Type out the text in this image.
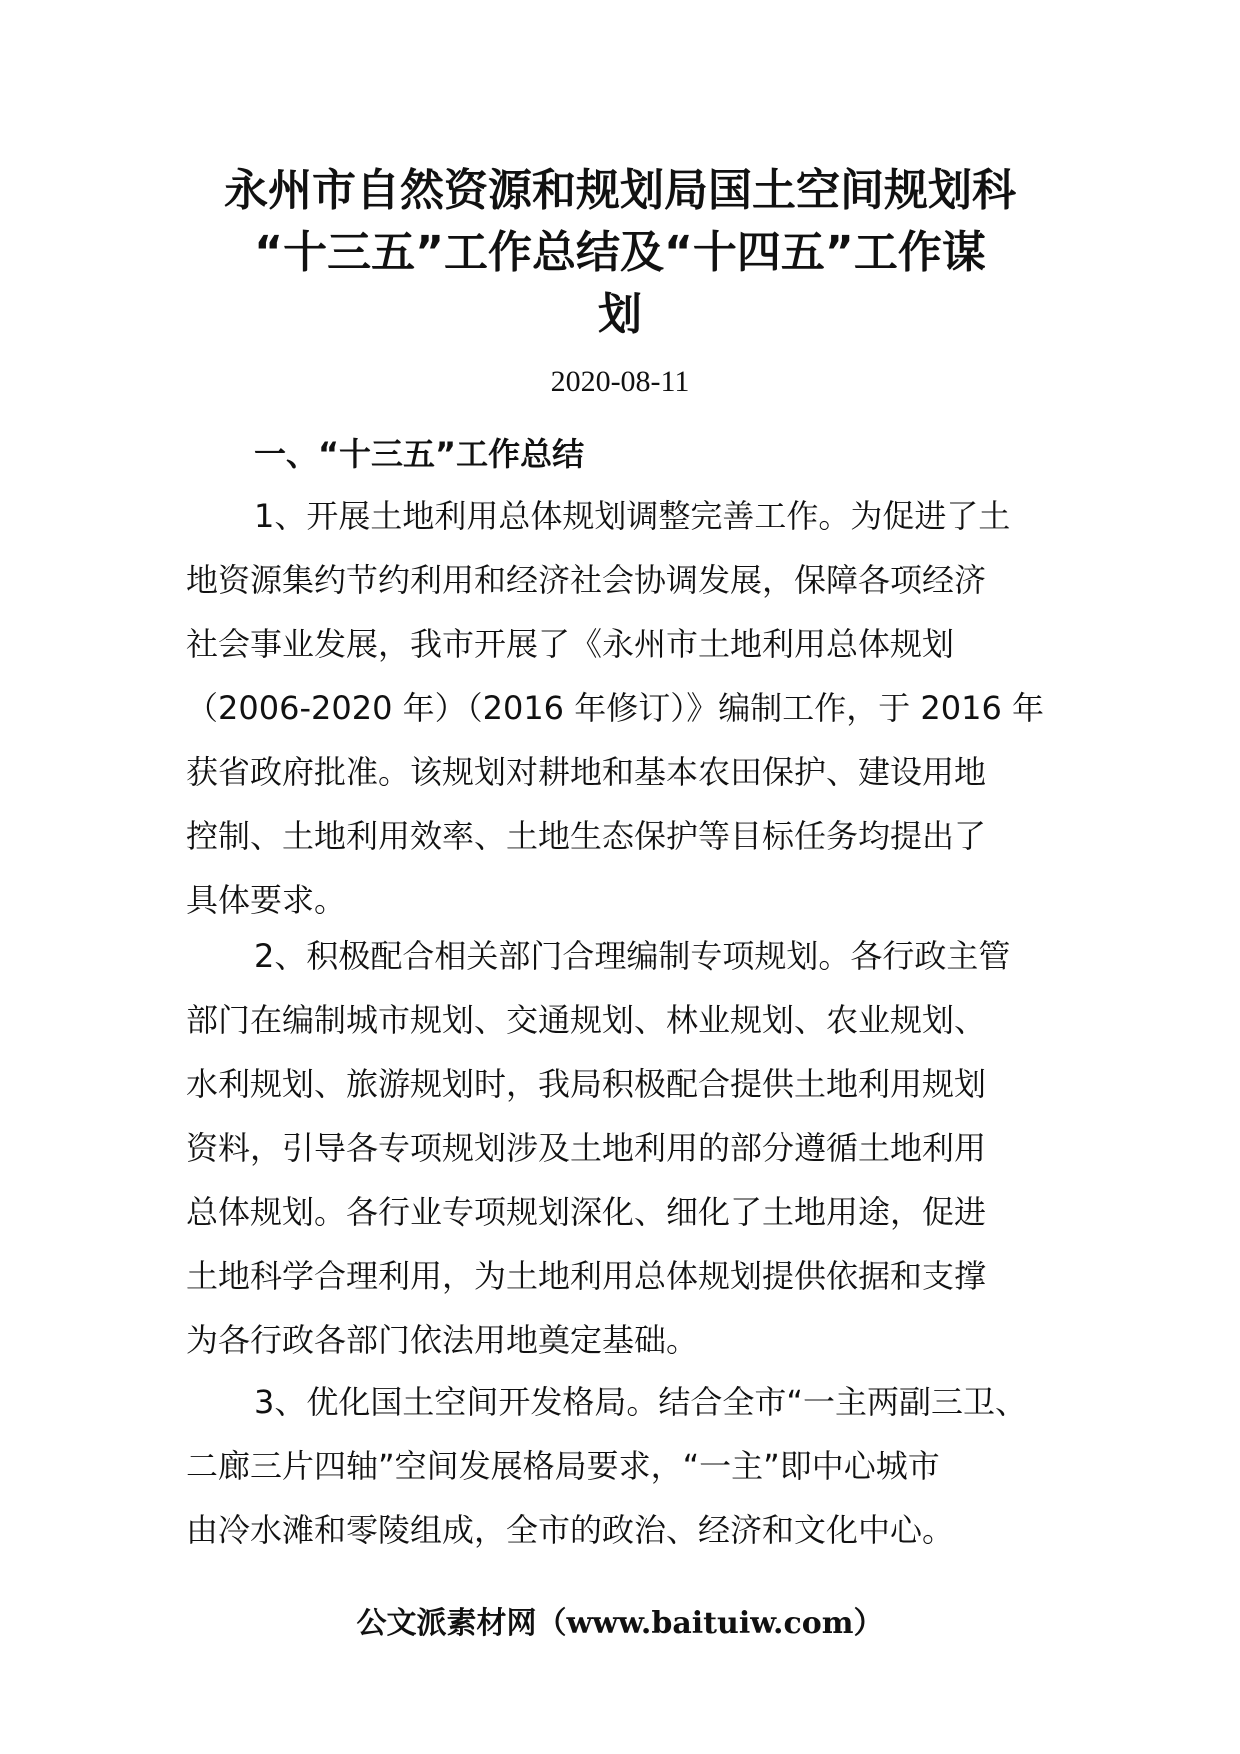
永州市自然资源和规划局国土空间规划科
“十三五”工作总结及“十四五”工作谋
划
2020-08-11
一、“十三五”工作总结
1、开展土地利用总体规划调整完善工作。为促进了土
地资源集约节约利用和经济社会协调发展，保障各项经济
社会事业发展，我市开展了《永州市土地利用总体规划
（2006-2020 年）（2016 年修订）》编制工作，于 2016 年
获省政府批准。该规划对耕地和基本农田保护、建设用地
控制、土地利用效率、土地生态保护等目标任务均提出了
具体要求。
2、积极配合相关部门合理编制专项规划。各行政主管
部门在编制城市规划、交通规划、林业规划、农业规划、
水利规划、旅游规划时，我局积极配合提供土地利用规划
资料，引导各专项规划涉及土地利用的部分遵循土地利用
总体规划。各行业专项规划深化、细化了土地用途，促进
土地科学合理利用，为土地利用总体规划提供依据和支撑
为各行政各部门依法用地奠定基础。
3、优化国土空间开发格局。结合全市“一主两副三卫、
二廊三片四轴”空间发展格局要求，“一主”即中心城市
由冷水滩和零陵组成，全市的政治、经济和文化中心。
公文派素材网（www.baituiw.com）
